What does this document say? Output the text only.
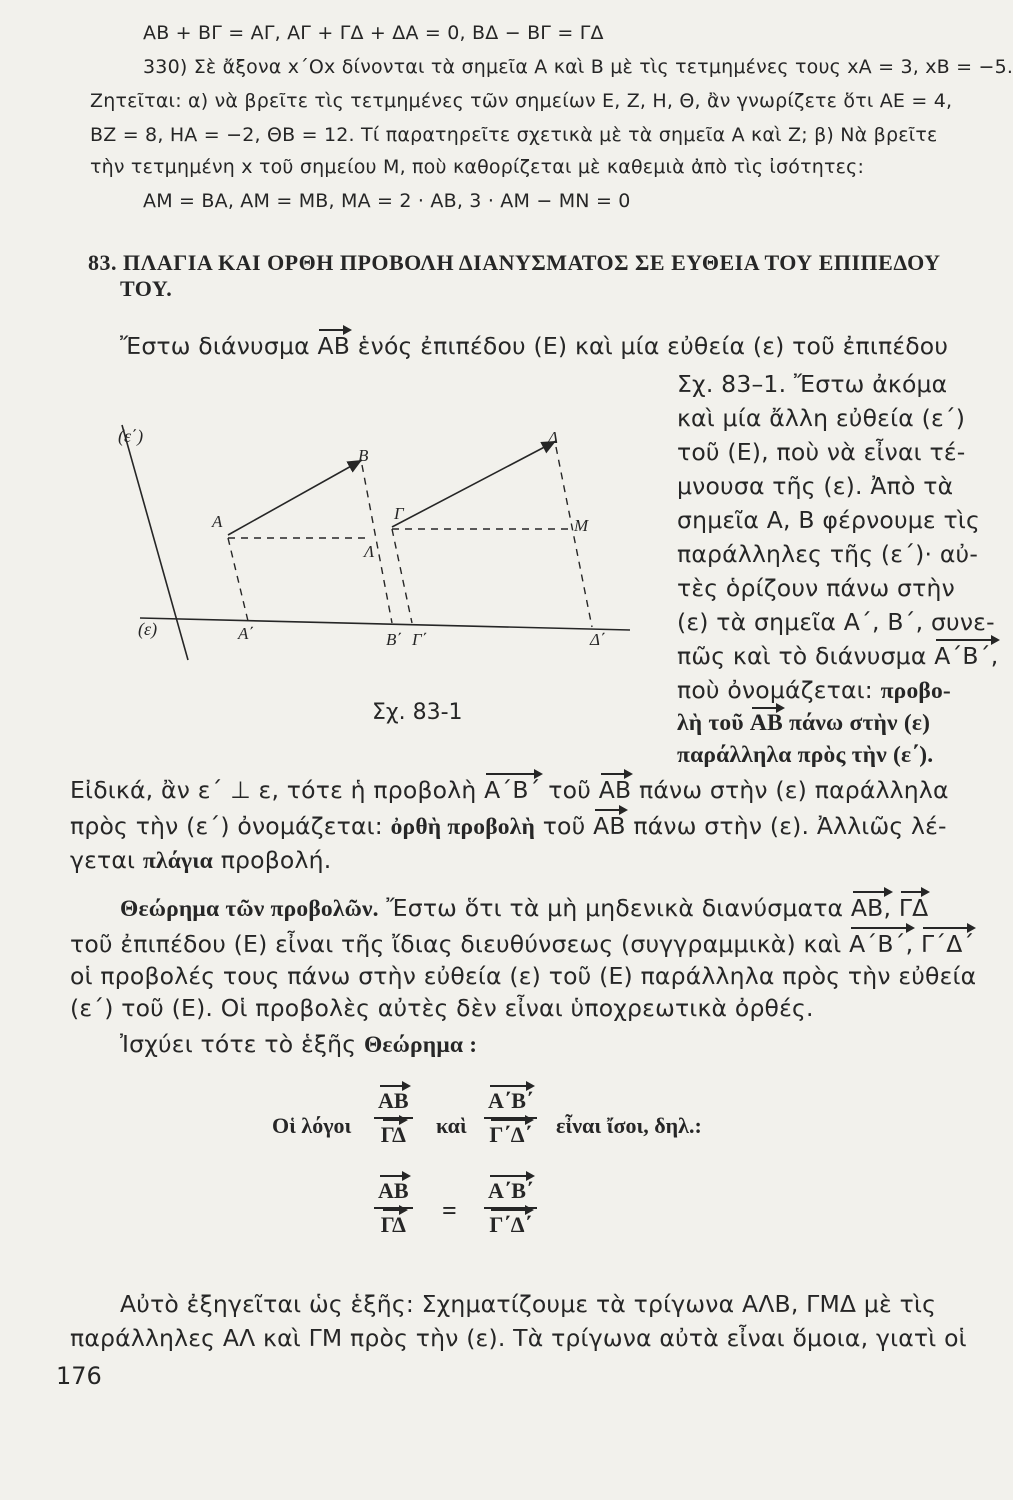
ΑΒ + ΒΓ = ΑΓ, ΑΓ + ΓΔ + ΔΑ = 0, ΒΔ − ΒΓ = ΓΔ
330) Σὲ ἄξονα x΄Οx δίνονται τὰ σημεῖα Α καὶ Β μὲ τὶς τετμημένες τους xΑ = 3, xΒ = −5.
Ζητεῖται: α) νὰ βρεῖτε τὶς τετμημένες τῶν σημείων Ε, Ζ, Η, Θ, ἂν γνωρίζετε ὅτι ΑΕ = 4,
ΒΖ = 8, ΗΑ = −2, ΘΒ = 12. Τί παρατηρεῖτε σχετικὰ μὲ τὰ σημεῖα Α καὶ Ζ; β) Νὰ βρεῖτε
τὴν τετμημένη x τοῦ σημείου Μ, ποὺ καθορίζεται μὲ καθεμιὰ ἀπὸ τὶς ἰσότητες:
ΑΜ = ΒΑ, ΑΜ = ΜΒ, ΜΑ = 2 · ΑΒ, 3 · ΑΜ − ΜΝ = 0
83. ΠΛΑΓΙΑ ΚΑΙ ΟΡΘΗ ΠΡΟΒΟΛΗ ΔΙΑΝΥΣΜΑΤΟΣ ΣΕ ΕΥΘΕΙΑ ΤΟΥ ΕΠΙΠΕΔΟΥ
ΤΟΥ.
Ἔστω διάνυσμα ΑΒ ἑνός ἐπιπέδου (Ε) καὶ μία εὐθεία (ε) τοῦ ἐπιπέδου
Σχ. 83–1. Ἔστω ἀκόμα
καὶ μία ἄλλη εὐθεία (ε΄)
τοῦ (Ε), ποὺ νὰ εἶναι τέ-
μνουσα τῆς (ε). Ἀπὸ τὰ
σημεῖα Α, Β φέρνουμε τὶς
παράλληλες τῆς (ε΄)· αὐ-
τὲς ὁρίζουν πάνω στὴν
(ε) τὰ σημεῖα Α΄, Β΄, συνε-
πῶς καὶ τὸ διάνυσμα Α΄Β΄,
ποὺ ὀνομάζεται: προβο-
λὴ τοῦ ΑΒ πάνω στὴν (ε)
παράλληλα πρὸς τὴν (ε΄).
(ε΄)
(ε)
Α
Β
Λ
Γ
Δ
Μ
Α΄	Β΄ Γ΄	Δ΄
Σχ. 83-1
Εἰδικά, ἂν ε΄ ⊥ ε, τότε ἡ προβολὴ Α΄Β΄ τοῦ ΑΒ πάνω στὴν (ε) παράλληλα
πρὸς τὴν (ε΄) ὀνομάζεται: ὀρθὴ προβολὴ τοῦ ΑΒ πάνω στὴν (ε). Ἀλλιῶς λέ-
γεται πλάγια προβολή.
Θεώρημα τῶν προβολῶν. Ἔστω ὅτι τὰ μὴ μηδενικὰ διανύσματα ΑΒ, ΓΔ
τοῦ ἐπιπέδου (Ε) εἶναι τῆς ἴδιας διευθύνσεως (συγγραμμικὰ) καὶ Α΄Β΄, Γ΄Δ΄
οἱ προβολές τους πάνω στὴν εὐθεία (ε) τοῦ (Ε) παράλληλα πρὸς τὴν εὐθεία
(ε΄) τοῦ (Ε). Οἱ προβολὲς αὐτὲς δὲν εἶναι ὑποχρεωτικὰ ὀρθές.
Ἰσχύει τότε τὸ ἑξῆς Θεώρημα :
Οἱ λόγοι
ΑΒ
ΓΔ	καὶ
Α΄Β΄
Γ΄Δ΄ εἶναι ἴσοι, δηλ.:
ΑΒ
ΓΔ =
Α΄Β΄
Γ΄Δ΄
Αὐτὸ ἐξηγεῖται ὡς ἑξῆς: Σχηματίζουμε τὰ τρίγωνα ΑΛΒ, ΓΜΔ μὲ τὶς
παράλληλες ΑΛ καὶ ΓΜ πρὸς τὴν (ε). Τὰ τρίγωνα αὐτὰ εἶναι ὅμοια, γιατὶ οἱ
176
